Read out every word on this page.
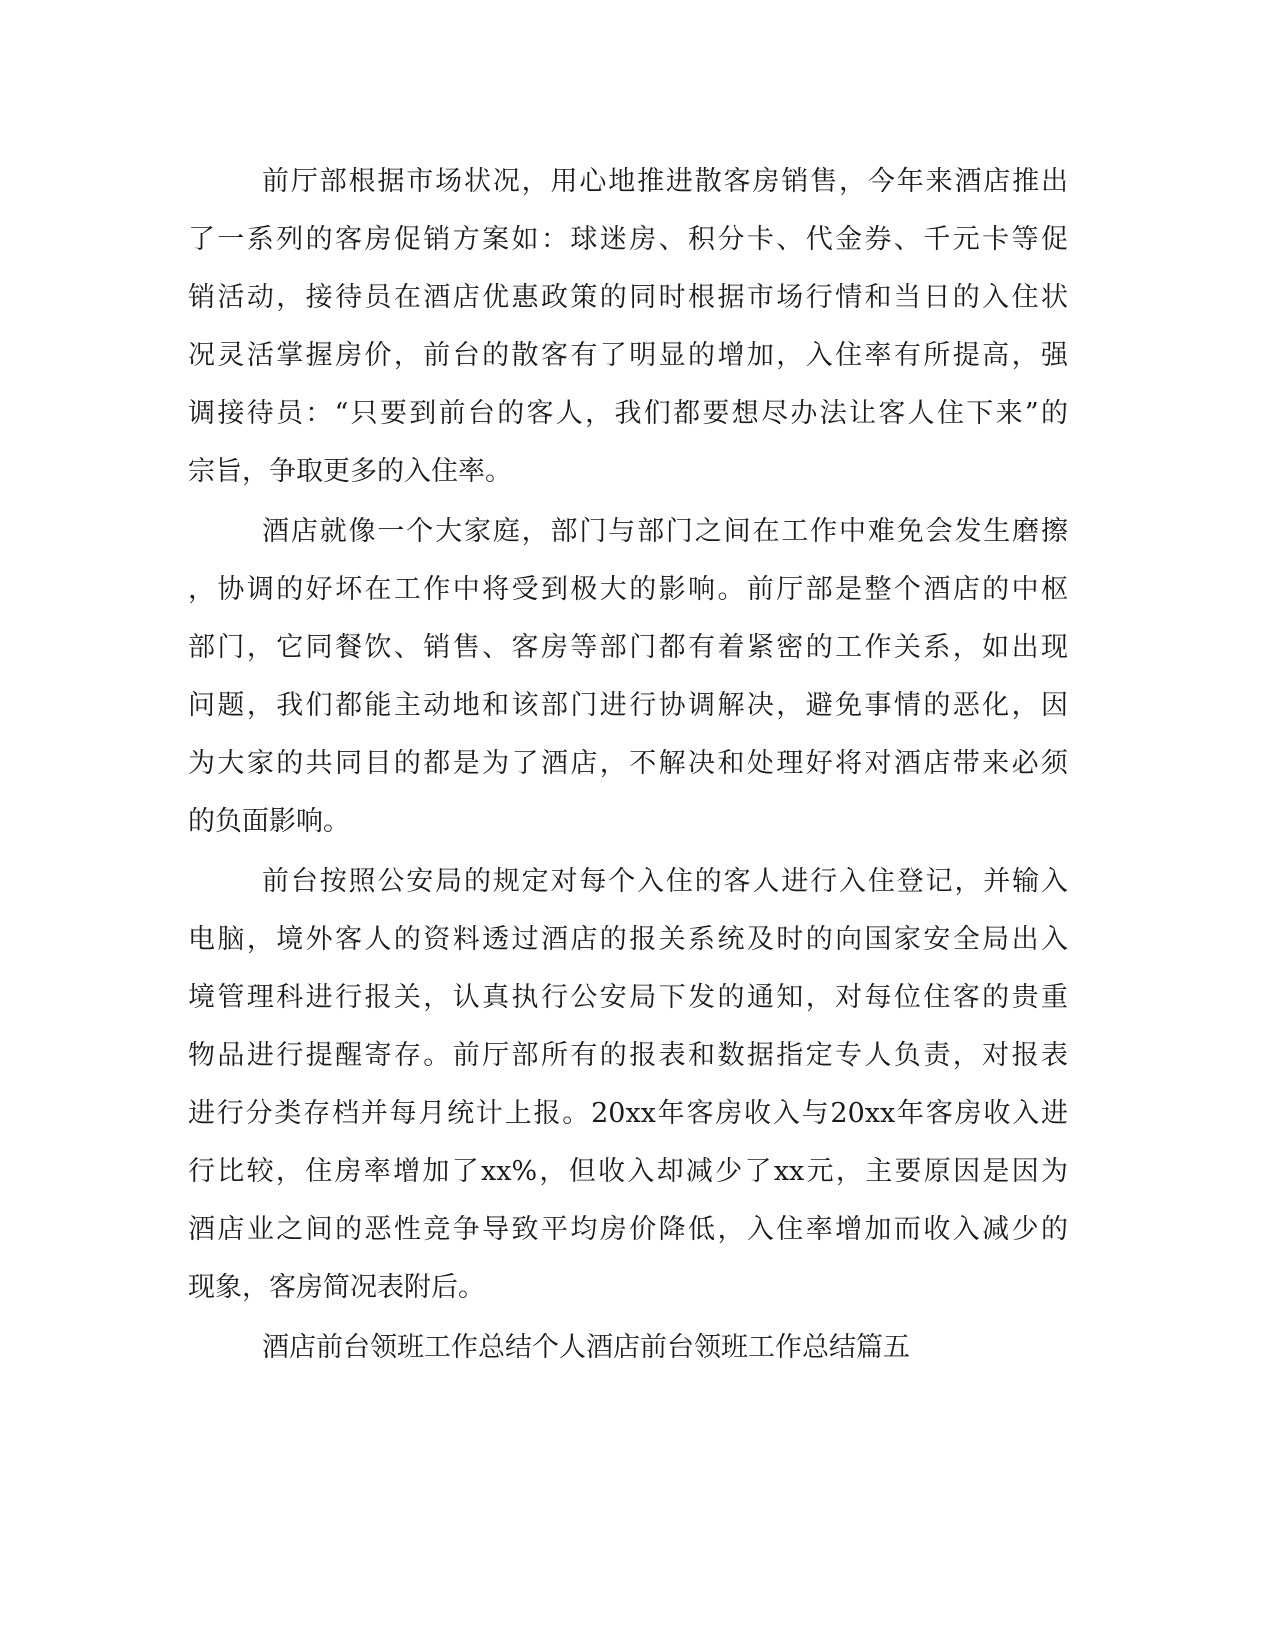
前厅部根据市场状况，用心地推进散客房销售，今年来酒店推出
了一系列的客房促销方案如：球迷房、积分卡、代金券、千元卡等促
销活动，接待员在酒店优惠政策的同时根据市场行情和当日的入住状
况灵活掌握房价，前台的散客有了明显的增加，入住率有所提高，强
调接待员：“只要到前台的客人，我们都要想尽办法让客人住下来”的
宗旨，争取更多的入住率。
酒店就像一个大家庭，部门与部门之间在工作中难免会发生磨擦
，协调的好坏在工作中将受到极大的影响。前厅部是整个酒店的中枢
部门，它同餐饮、销售、客房等部门都有着紧密的工作关系，如出现
问题，我们都能主动地和该部门进行协调解决，避免事情的恶化，因
为大家的共同目的都是为了酒店，不解决和处理好将对酒店带来必须
的负面影响。
前台按照公安局的规定对每个入住的客人进行入住登记，并输入
电脑，境外客人的资料透过酒店的报关系统及时的向国家安全局出入
境管理科进行报关，认真执行公安局下发的通知，对每位住客的贵重
物品进行提醒寄存。前厅部所有的报表和数据指定专人负责，对报表
进行分类存档并每月统计上报。20xx年客房收入与20xx年客房收入进
行比较，住房率增加了xx%，但收入却减少了xx元，主要原因是因为
酒店业之间的恶性竞争导致平均房价降低，入住率增加而收入减少的
现象，客房简况表附后。
酒店前台领班工作总结个人酒店前台领班工作总结篇五
